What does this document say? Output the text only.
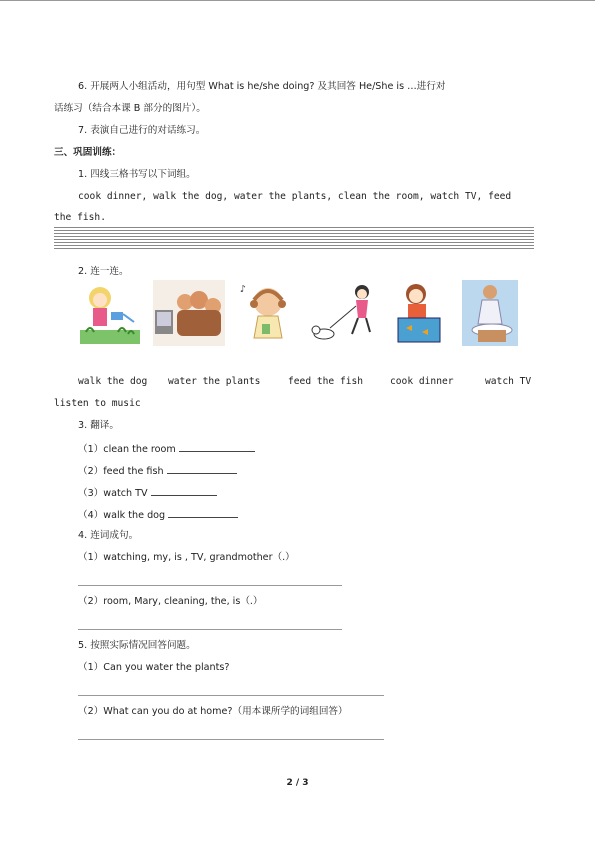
6. 开展两人小组活动，用句型 What is he/she doing? 及其回答 He/She is …进行对
话练习（结合本课 B 部分的图片）。
7. 表演自己进行的对话练习。
三、巩固训练：
1. 四线三格书写以下词组。
cook dinner, walk the dog, water the plants, clean the room, watch TV, feed
the fish.
2. 连一连。
♪
walk the dog water the plants	feed the fish	cook dinner	watch TV
listen to music
3. 翻译。
（1）clean the room
（2）feed the fish
（3）watch TV
（4）walk the dog
4. 连词成句。
（1）watching, my, is , TV, grandmother（.）
（2）room, Mary, cleaning, the, is（.）
5. 按照实际情况回答问题。
（1）Can you water the plants?
（2）What can you do at home?（用本课所学的词组回答）
2 / 3
